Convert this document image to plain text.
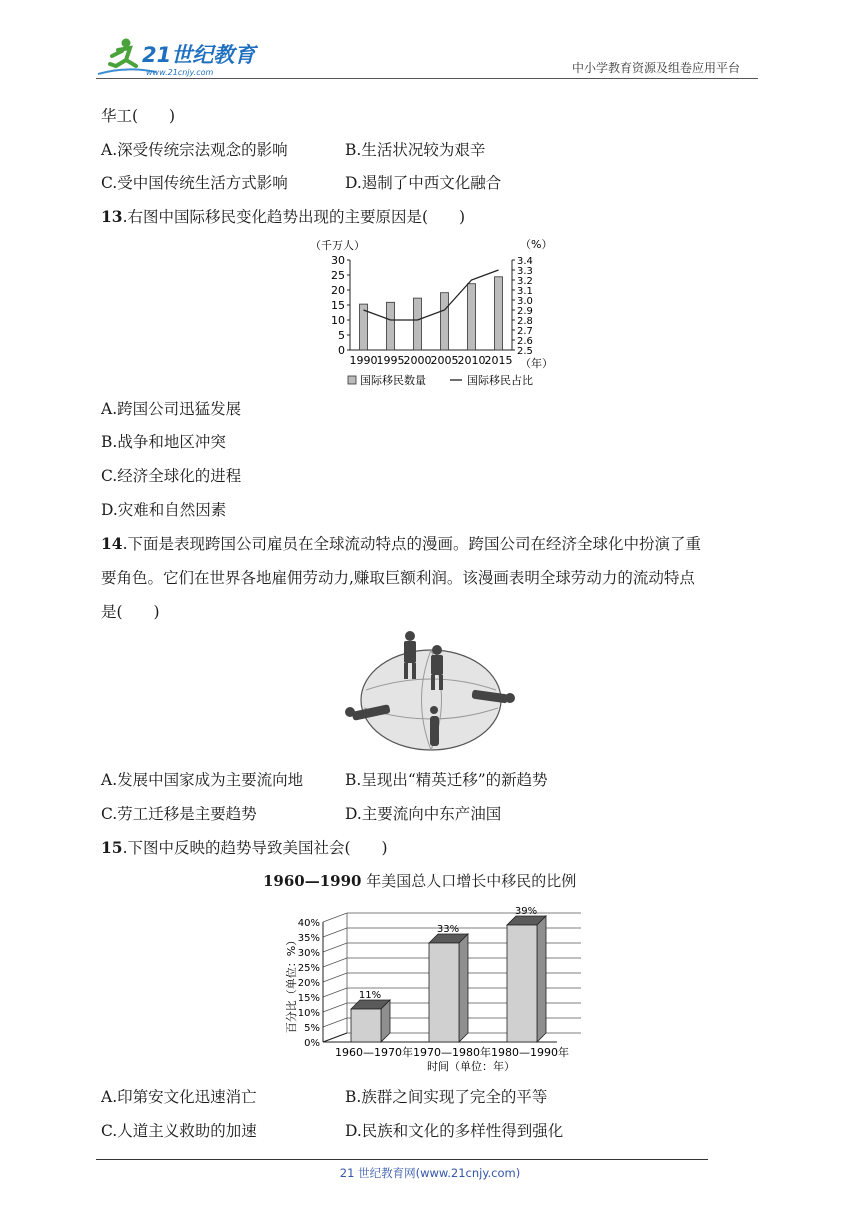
21世纪教育
www.21cnjy.com	中小学教育资源及组卷应用平台
华工(　　)
A.深受传统宗法观念的影响	B.生活状况较为艰辛
C.受中国传统生活方式影响	D.遏制了中西文化融合
13.右图中国际移民变化趋势出现的主要原因是(　　)
（千万人）	（%）
0
5
10
15
20
25
30
2.5
2.6
2.7
2.8
2.9
3.0
3.1
3.2
3.3
3.4
1990 1995 2000 2005 2010 2015 （年）
国际移民数量	国际移民占比
A.跨国公司迅猛发展
B.战争和地区冲突
C.经济全球化的进程
D.灾难和自然因素
14.下面是表现跨国公司雇员在全球流动特点的漫画。跨国公司在经济全球化中扮演了重
要角色。它们在世界各地雇佣劳动力,赚取巨额利润。该漫画表明全球劳动力的流动特点
是(　　)
A.发展中国家成为主要流向地	B.呈现出“精英迁移”的新趋势
C.劳工迁移是主要趋势	D.主要流向中东产油国
15.下图中反映的趋势导致美国社会(　　)
1960—1990 年美国总人口增长中移民的比例
0%
5%
10%
15%
20%
25%
30%
35%
40%
11%
33%
39%
1960—1970年 1970—1980年 1980—1990年
百分比（单位：%）
时间（单位：年）
A.印第安文化迅速消亡	B.族群之间实现了完全的平等
C.人道主义救助的加速	D.民族和文化的多样性得到强化
21 世纪教育网(www.21cnjy.com)
